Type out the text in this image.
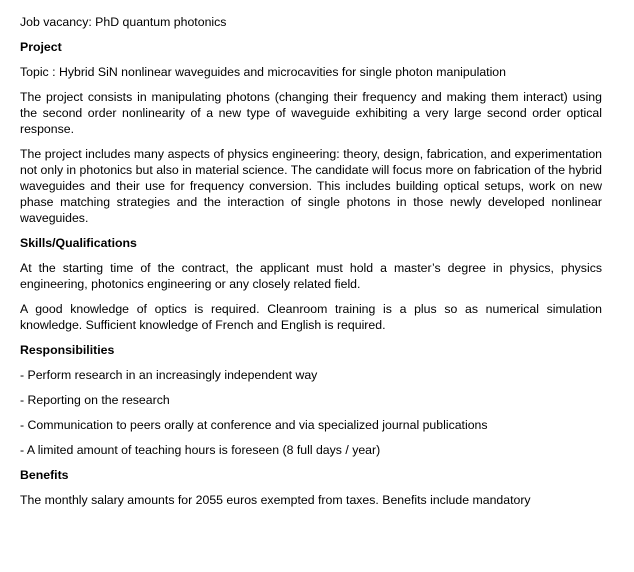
Job vacancy: PhD quantum photonics
Project
Topic : Hybrid SiN nonlinear waveguides and microcavities for single photon manipulation
The project consists in manipulating photons (changing their frequency and making them interact) using the second order nonlinearity of a new type of waveguide exhibiting a very large second order optical response.
The project includes many aspects of physics engineering: theory, design, fabrication, and experimentation not only in photonics but also in material science. The candidate will focus more on fabrication of the hybrid waveguides and their use for frequency conversion. This includes building optical setups, work on new phase matching strategies and the interaction of single photons in those newly developed nonlinear waveguides.
Skills/Qualifications
At the starting time of the contract, the applicant must hold a master’s degree in physics, physics engineering, photonics engineering or any closely related field.
A good knowledge of optics is required. Cleanroom training is a plus so as numerical simulation knowledge. Sufficient knowledge of French and English is required.
Responsibilities
- Perform research in an increasingly independent way
- Reporting on the research
- Communication to peers orally at conference and via specialized journal publications
- A limited amount of teaching hours is foreseen (8 full days / year)
Benefits
The monthly salary amounts for 2055 euros exempted from taxes. Benefits include mandatory
